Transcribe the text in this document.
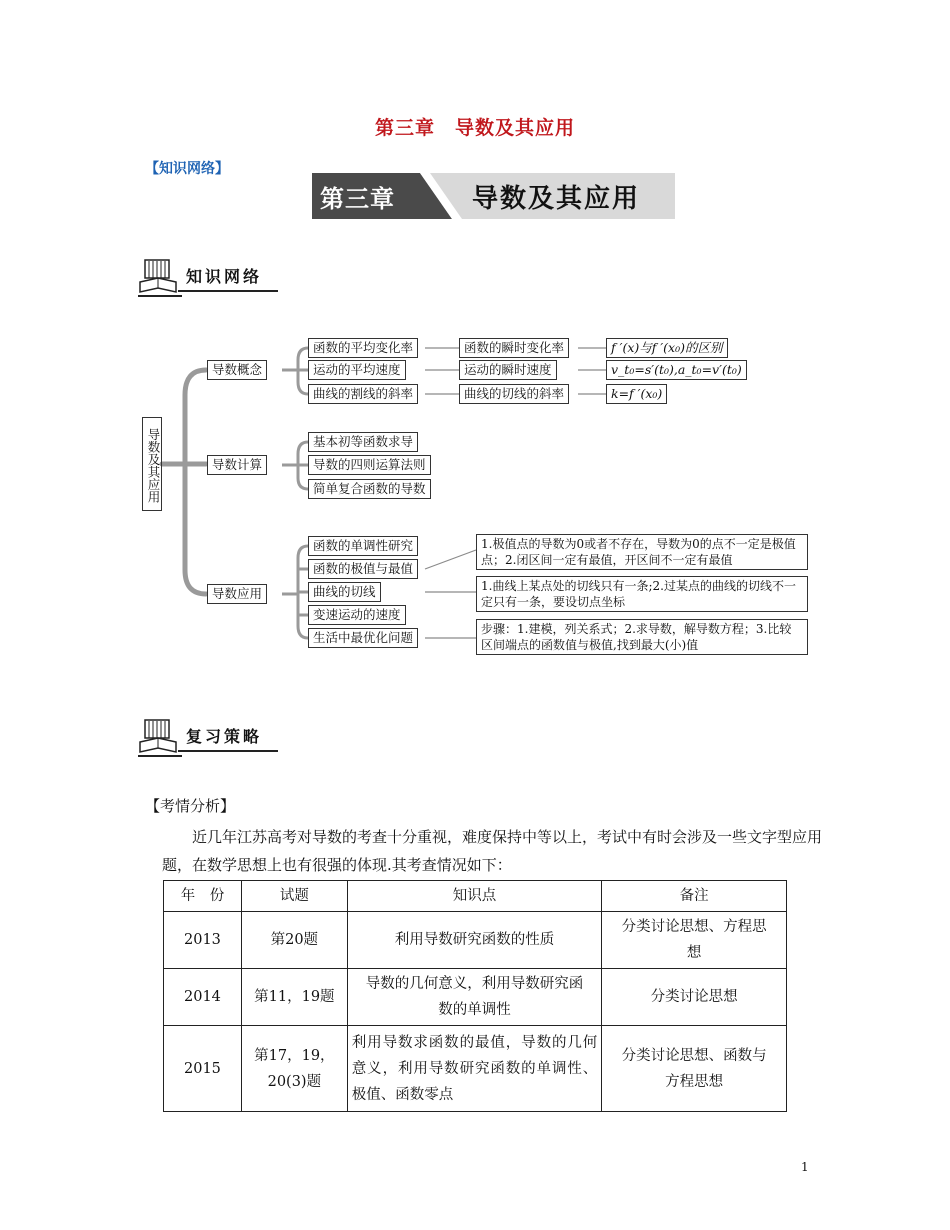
第三章　导数及其应用
【知识网络】
第三章	导数及其应用
知识网络
导数及其应用
导数概念
函数的平均变化率
运动的平均速度
曲线的割线的斜率
函数的瞬时变化率
运动的瞬时速度
曲线的切线的斜率
f ′(x)与f ′(x₀)的区别
v_t₀=s′(t₀),a_t₀=v′(t₀)
k=f ′(x₀)
导数计算
基本初等函数求导
导数的四则运算法则
简单复合函数的导数
导数应用
函数的单调性研究
函数的极值与最值
曲线的切线
变速运动的速度
生活中最优化问题
1.极值点的导数为0或者不存在，导数为0的点不一定是极值点；2.闭区间一定有最值，开区间不一定有最值
1.曲线上某点处的切线只有一条;2.过某点的曲线的切线不一定只有一条，要设切点坐标
步骤：1.建模，列关系式；2.求导数，解导数方程；3.比较区间端点的函数值与极值,找到最大(小)值
复习策略
【考情分析】
近几年江苏高考对导数的考查十分重视，难度保持中等以上，考试中有时会涉及一些文字型应用题，在数学思想上也有很强的体现.其考查情况如下：
年　份	试题	知识点	备注
2013	第20题	利用导数研究函数的性质	分类讨论思想、方程思想
2014	第11，19题	导数的几何意义，利用导数研究函数的单调性	分类讨论思想
2015	第17，19，20(3)题	利用导数求函数的最值，导数的几何意义，利用导数研究函数的单调性、极值、函数零点	分类讨论思想、函数与方程思想
1
